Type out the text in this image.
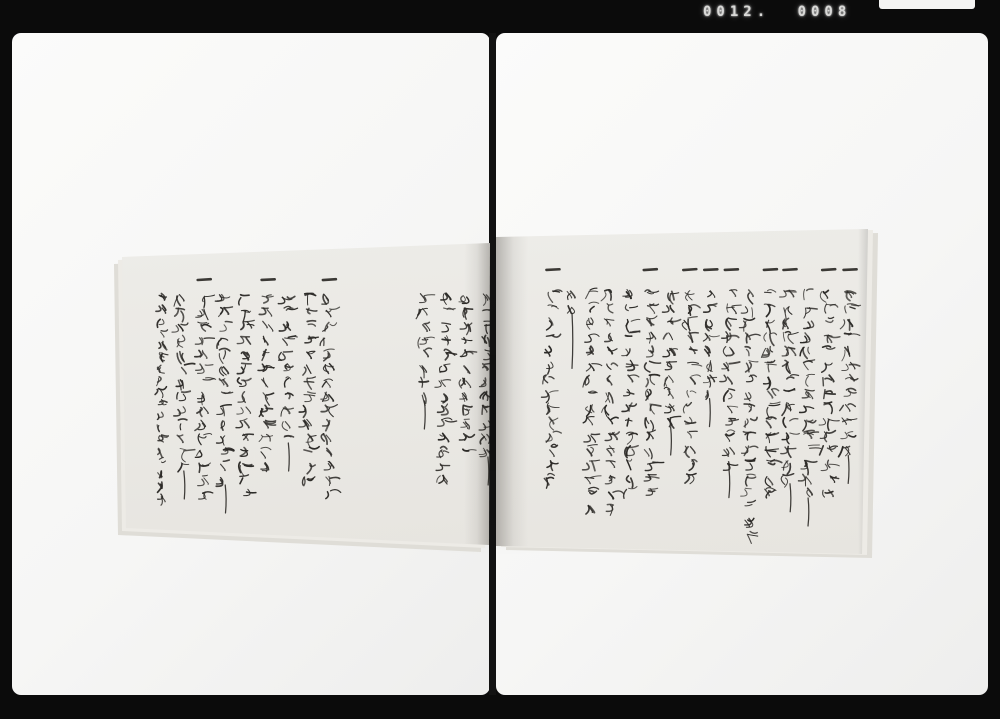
0012. 0008
